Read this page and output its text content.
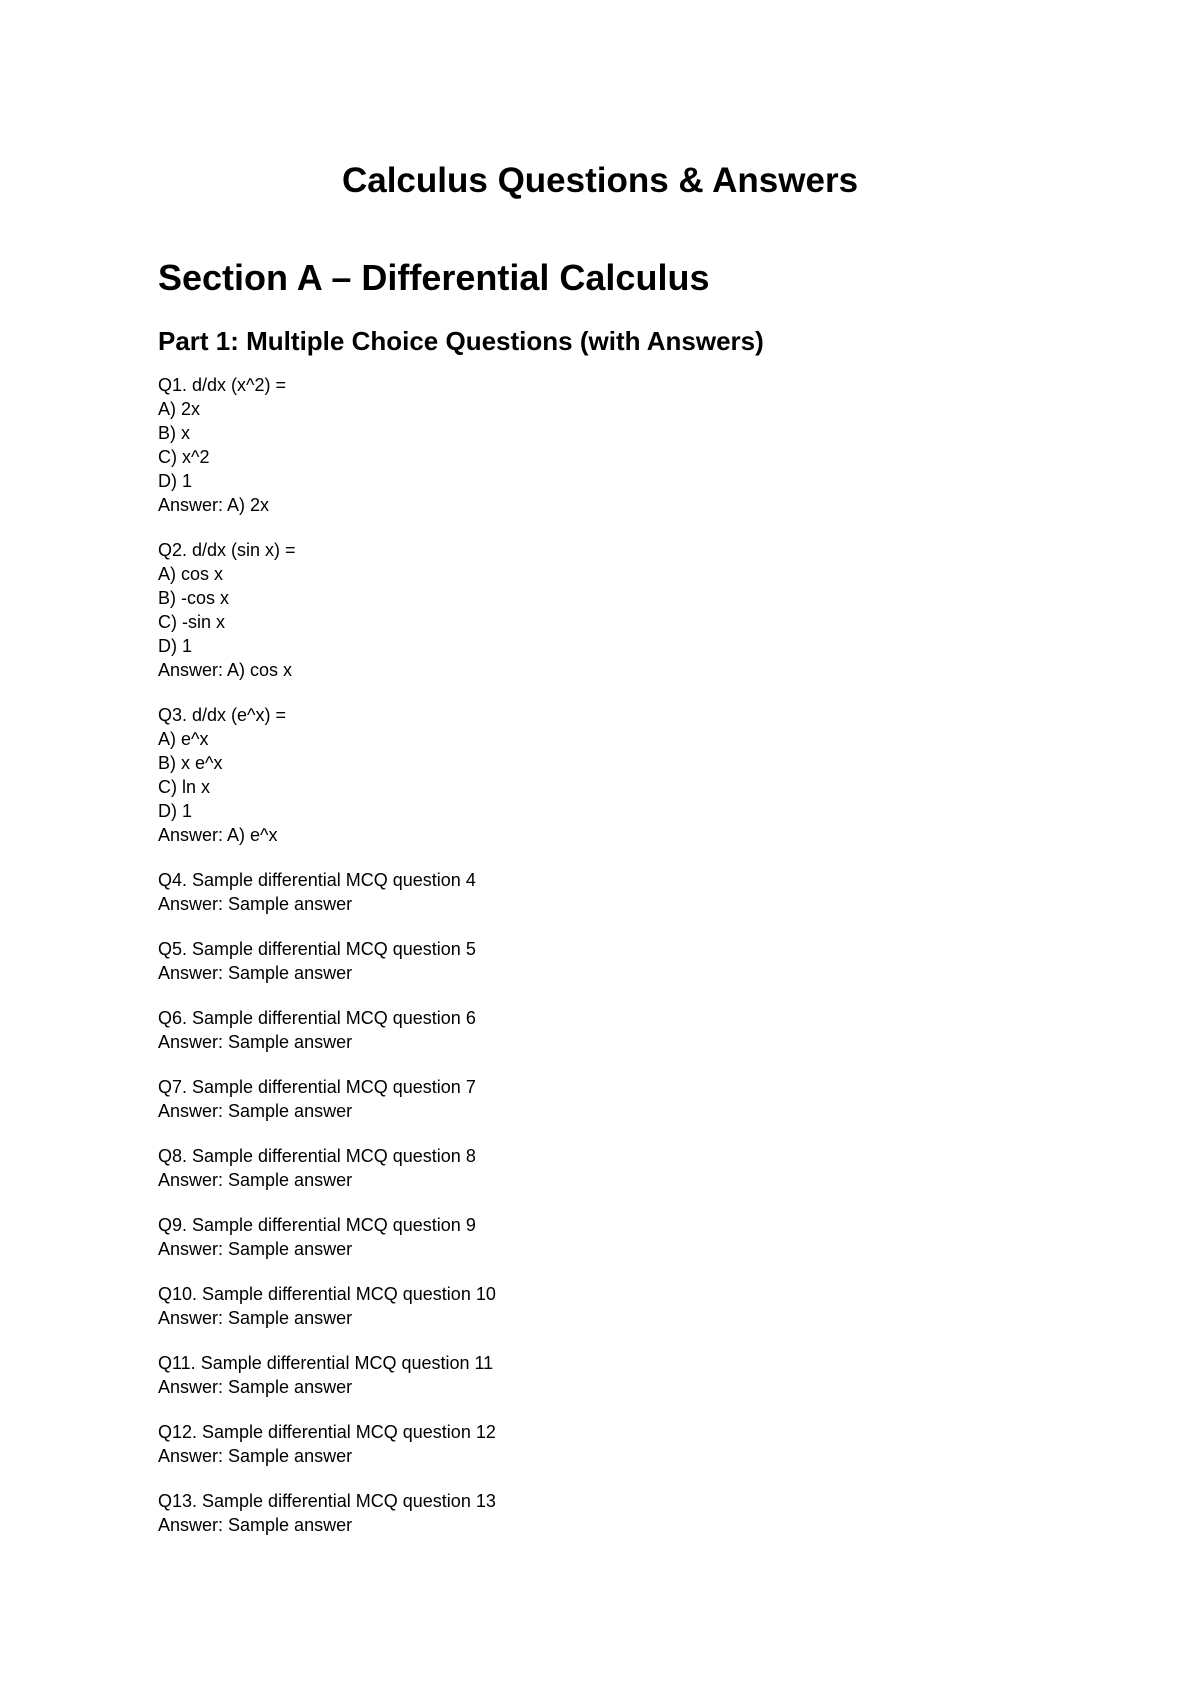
Calculus Questions & Answers
Section A – Differential Calculus
Part 1: Multiple Choice Questions (with Answers)
Q1. d/dx (x^2) =
A) 2x
B) x
C) x^2
D) 1
Answer: A) 2x
Q2. d/dx (sin x) =
A) cos x
B) -cos x
C) -sin x
D) 1
Answer: A) cos x
Q3. d/dx (e^x) =
A) e^x
B) x e^x
C) ln x
D) 1
Answer: A) e^x
Q4. Sample differential MCQ question 4
Answer: Sample answer
Q5. Sample differential MCQ question 5
Answer: Sample answer
Q6. Sample differential MCQ question 6
Answer: Sample answer
Q7. Sample differential MCQ question 7
Answer: Sample answer
Q8. Sample differential MCQ question 8
Answer: Sample answer
Q9. Sample differential MCQ question 9
Answer: Sample answer
Q10. Sample differential MCQ question 10
Answer: Sample answer
Q11. Sample differential MCQ question 11
Answer: Sample answer
Q12. Sample differential MCQ question 12
Answer: Sample answer
Q13. Sample differential MCQ question 13
Answer: Sample answer
